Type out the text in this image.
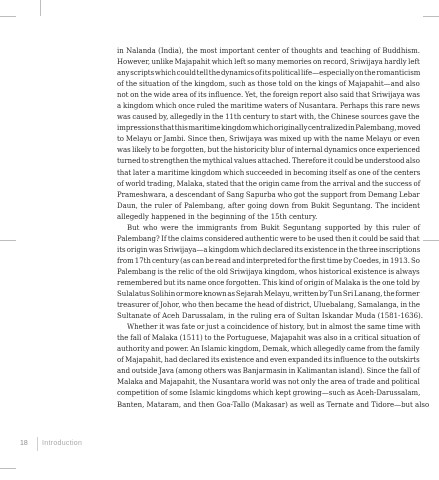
in Nalanda (India), the most important center of thoughts and teaching of Buddhism.
However, unlike Majapahit which left so many memories on record, Sriwijaya hardly left
any scripts which could tell the dynamics of its political life—especially on the romanticism
of the situation of the kingdom, such as those told on the kings of Majapahit—and also
not on the wide area of its influence. Yet, the foreign report also said that Sriwijaya was
a kingdom which once ruled the maritime waters of Nusantara. Perhaps this rare news
was caused by, allegedly in the 11th century to start with, the Chinese sources gave the
impressions that this maritime kingdom which originally centralized in Palembang, moved
to Melayu or Jambi. Since then, Sriwijaya was mixed up with the name Melayu or even
was likely to be forgotten, but the historicity blur of internal dynamics once experienced
turned to strengthen the mythical values attached. Therefore it could be understood also
that later a maritime kingdom which succeeded in becoming itself as one of the centers
of world trading, Malaka, stated that the origin came from the arrival and the success of
Prameshwara, a descendant of Sang Sapurba who got the support from Demang Lebar
Daun, the ruler of Palembang, after going down from Bukit Seguntang. The incident
allegedly happened in the beginning of the 15th century.

But who were the immigrants from Bukit Seguntang supported by this ruler of
Palembang? If the claims considered authentic were to be used then it could be said that
its origin was Sriwijaya—a kingdom which declared its existence in the three inscriptions
from 17th century (as can be read and interpreted for the first time by Coedes, in 1913. So
Palembang is the relic of the old Sriwijaya kingdom, whos historical existence is always
remembered but its name once forgotten. This kind of origin of Malaka is the one told by
Sulalatus Solihin or more known as Sejarah Melayu, written by Tun Sri Lanang, the former
treasurer of Johor, who then became the head of district, Uluebalang, Samalanga, in the
Sultanate of Aceh Darussalam, in the ruling era of Sultan Iskandar Muda (1581-1636).

Whether it was fate or just a coincidence of history, but in almost the same time with
the fall of Malaka (1511) to the Portuguese, Majapahit was also in a critical situation of
authority and power. An Islamic kingdom, Demak, which allegedly came from the family
of Majapahit, had declared its existence and even expanded its influence to the outskirts
and outside Java (among others was Banjarmasin in Kalimantan island). Since the fall of
Malaka and Majapahit, the Nusantara world was not only the area of trade and political
competition of some Islamic kingdoms which kept growing—such as Aceh-Darussalam,
Banten, Mataram, and then Goa-Tallo (Makasar) as well as Ternate and Tidore—but also

18 Introduction
